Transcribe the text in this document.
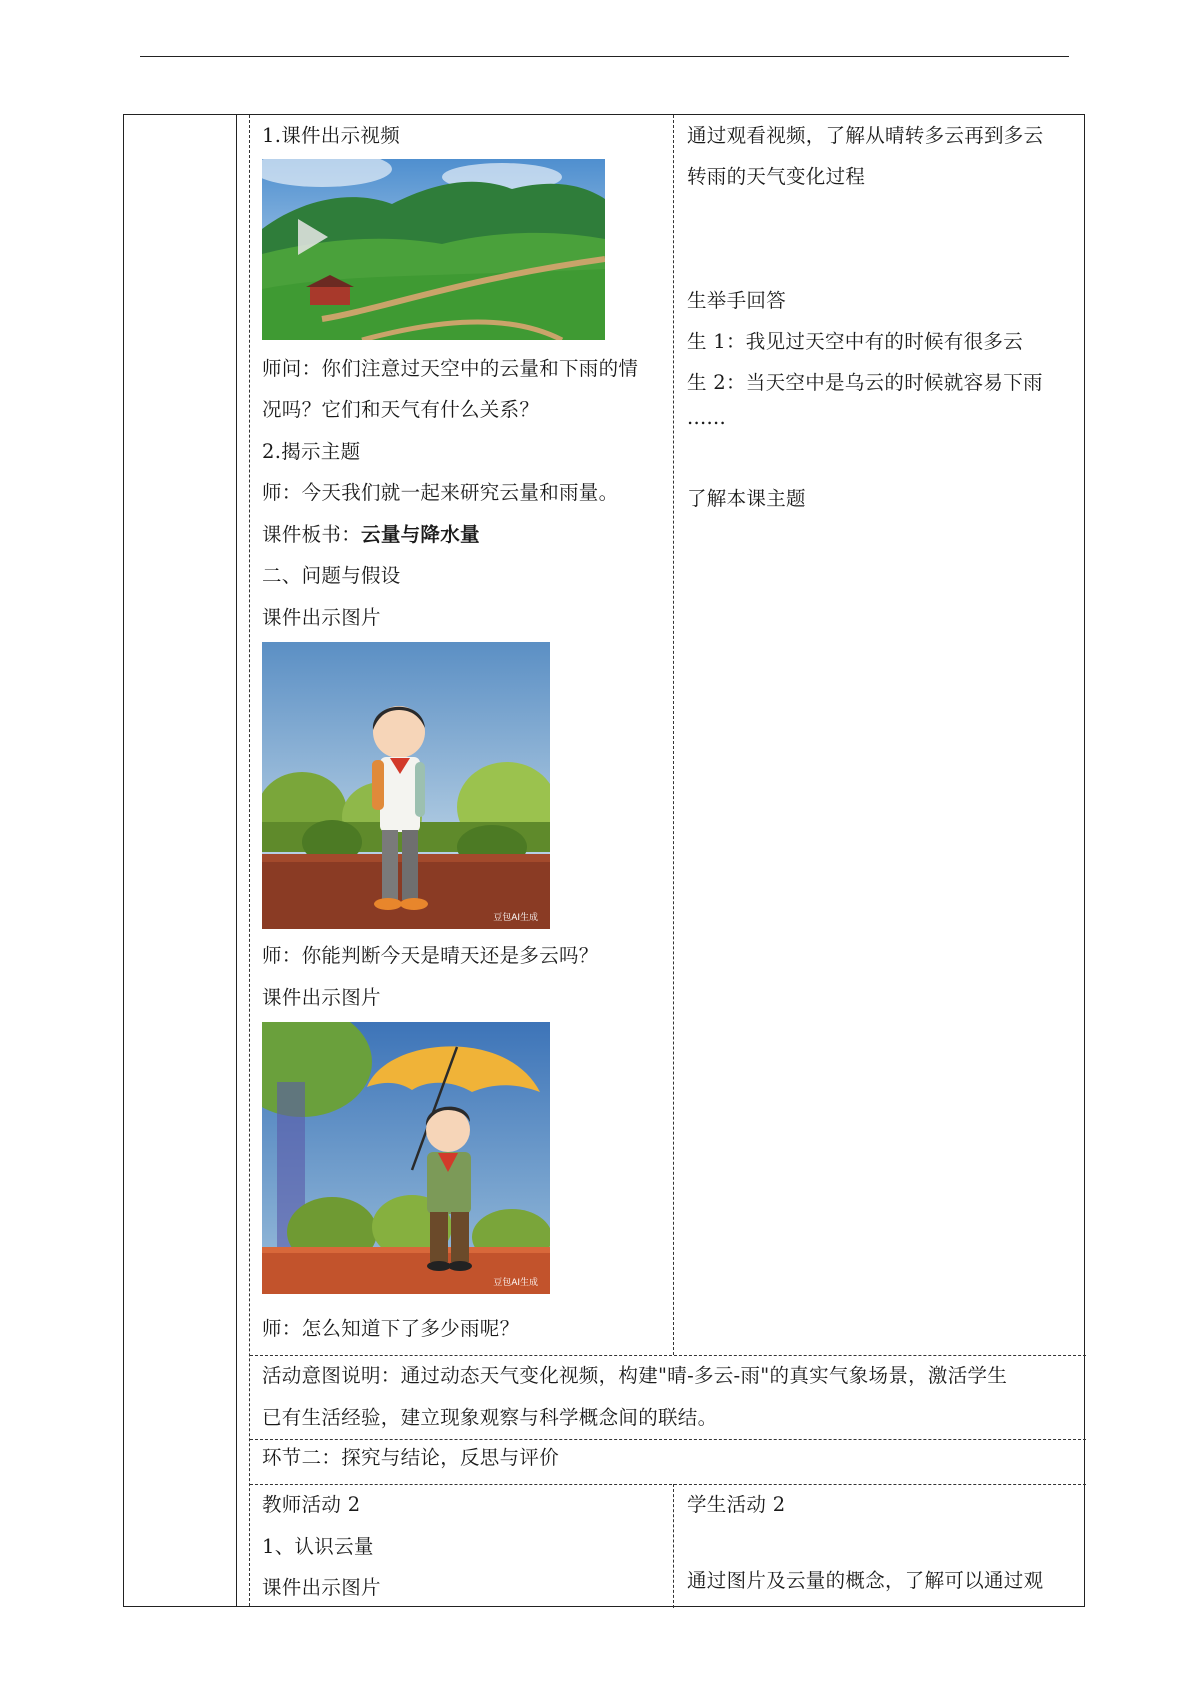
1.课件出示视频
师问：你们注意过天空中的云量和下雨的情
况吗？它们和天气有什么关系？
2.揭示主题
师：今天我们就一起来研究云量和雨量。
课件板书：云量与降水量
二、问题与假设
课件出示图片
豆包AI生成
师：你能判断今天是晴天还是多云吗？
课件出示图片
豆包AI生成
师：怎么知道下了多少雨呢？
通过观看视频，了解从晴转多云再到多云
转雨的天气变化过程
生举手回答
生 1：我见过天空中有的时候有很多云
生 2：当天空中是乌云的时候就容易下雨
......
了解本课主题
活动意图说明：通过动态天气变化视频，构建"晴-多云-雨"的真实气象场景，激活学生
已有生活经验，建立现象观察与科学概念间的联结。
环节二：探究与结论，反思与评价
教师活动 2
1、认识云量
课件出示图片
学生活动 2
通过图片及云量的概念，了解可以通过观
